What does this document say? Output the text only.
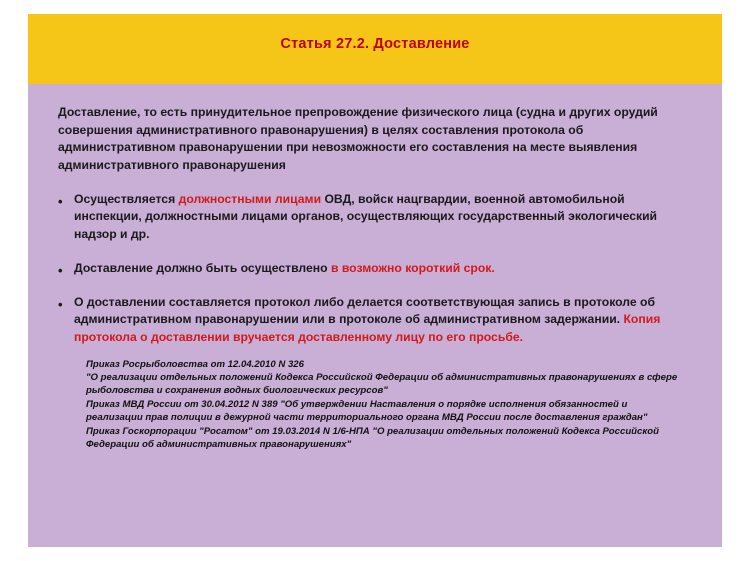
Статья 27.2. Доставление
Доставление, то есть принудительное препровождение физического лица (судна и других орудий совершения административного правонарушения) в целях составления протокола об административном правонарушении при невозможности его составления на месте выявления административного правонарушения
• Осуществляется должностными лицами ОВД, войск нацгвардии, военной автомобильной инспекции, должностными лицами органов, осуществляющих государственный экологический надзор и др.
• Доставление должно быть осуществлено в возможно короткий срок.
• О доставлении составляется протокол либо делается соответствующая запись в протоколе об административном правонарушении или в протоколе об административном задержании. Копия протокола о доставлении вручается доставленному лицу по его просьбе.

Приказ Росрыболовства от 12.04.2010 N 326

"О реализации отдельных положений Кодекса Российской Федерации об административных правонарушениях в сфере рыболовства и сохранения водных биологических ресурсов"

Приказ МВД России от 30.04.2012 N 389 "Об утверждении Наставления о порядке исполнения обязанностей и реализации прав полиции в дежурной части территориального органа МВД России после доставления граждан"

Приказ Госкорпорации "Росатом" от 19.03.2014 N 1/6-НПА "О реализации отдельных положений Кодекса Российской Федерации об административных правонарушениях"
